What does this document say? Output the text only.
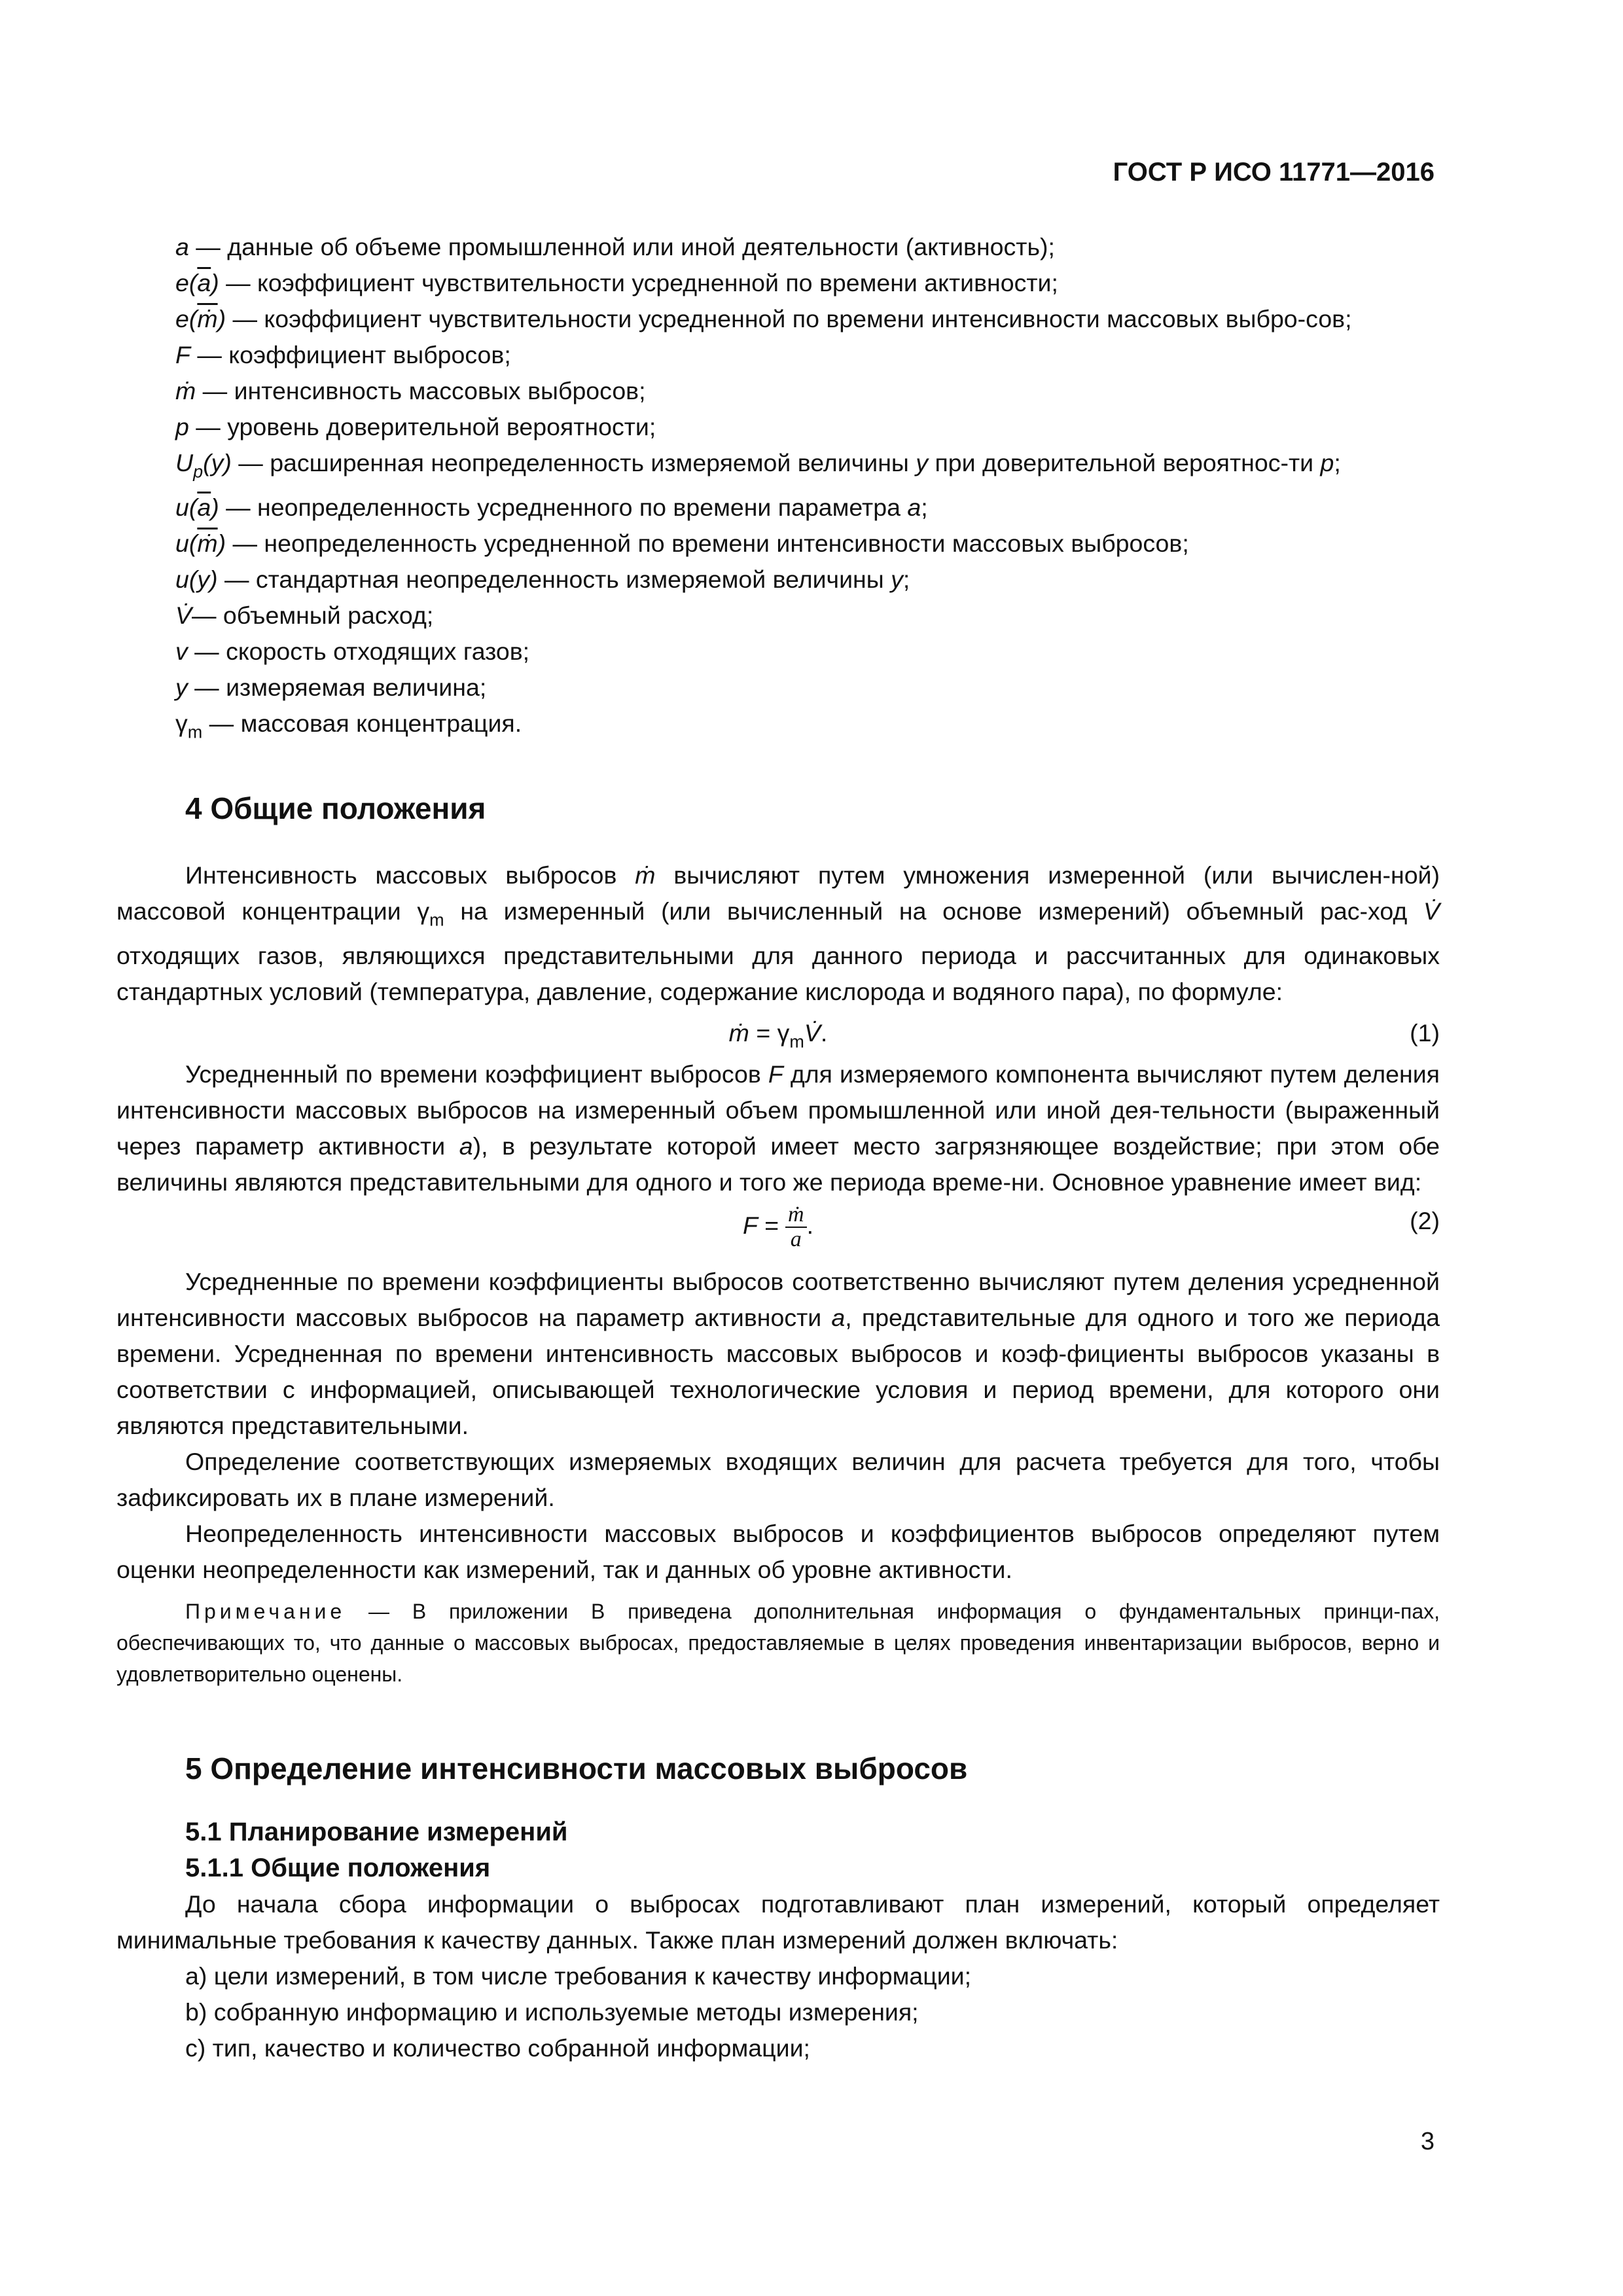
ГОСТ Р ИСО 11771—2016

a — данные об объеме промышленной или иной деятельности (активность);

$e(\overline{a})$ — коэффициент чувствительности усредненной по времени активности;

$e(\overline{ṁ})$ — коэффициент чувствительности усредненной по времени интенсивности массовых выбро-сов;

F — коэффициент выбросов;

ṁ — интенсивность массовых выбросов;

p — уровень доверительной вероятности;

$U_p(y)$ — расширенная неопределенность измеряемой величины y при доверительной вероятнос-ти p;

$u(\overline{a})$ — неопределенность усредненного по времени параметра a;

$u(\overline{ṁ})$ — неопределенность усредненной по времени интенсивности массовых выбросов;

u(y) — стандартная неопределенность измеряемой величины y;

V̇— объемный расход;

v — скорость отходящих газов;

y — измеряемая величина;

$\gamma_m$ — массовая концентрация.

4 Общие положения

Интенсивность массовых выбросов ṁ вычисляют путем умножения измеренной (или вычислен-ной) массовой концентрации $\gamma_m$ на измеренный (или вычисленный на основе измерений) объемный рас-ход V̇ отходящих газов, являющихся представительными для данного периода и рассчитанных для одинаковых стандартных условий (температура, давление, содержание кислорода и водяного пара), по формуле:

ṁ = $\gamma_mV̇$.	(1)

Усредненный по времени коэффициент выбросов F для измеряемого компонента вычисляют путем деления интенсивности массовых выбросов на измеренный объем промышленной или иной дея-тельности (выраженный через параметр активности a), в результате которой имеет место загрязняющее воздействие; при этом обе величины являются представительными для одного и того же периода време-ни. Основное уравнение имеет вид:

$F = \frac{\text{ṁ}}{a}$ .	(2)

Усредненные по времени коэффициенты выбросов соответственно вычисляют путем деления усредненной интенсивности массовых выбросов на параметр активности a, представительные для одного и того же периода времени. Усредненная по времени интенсивность массовых выбросов и коэф-фициенты выбросов указаны в соответствии с информацией, описывающей технологические условия и период времени, для которого они являются представительными.

Определение соответствующих измеряемых входящих величин для расчета требуется для того, чтобы зафиксировать их в плане измерений.

Неопределенность интенсивности массовых выбросов и коэффициентов выбросов определяют путем оценки неопределенности как измерений, так и данных об уровне активности.

Примечание — В приложении В приведена дополнительная информация о фундаментальных принци-пах, обеспечивающих то, что данные о массовых выбросах, предоставляемые в целях проведения инвентаризации выбросов, верно и удовлетворительно оценены.

5 Определение интенсивности массовых выбросов
5.1 Планирование измерений
5.1.1 Общие положения

До начала сбора информации о выбросах подготавливают план измерений, который определяет минимальные требования к качеству данных. Также план измерений должен включать:

a) цели измерений, в том числе требования к качеству информации;

b) собранную информацию и используемые методы измерения;

c) тип, качество и количество собранной информации;

3
